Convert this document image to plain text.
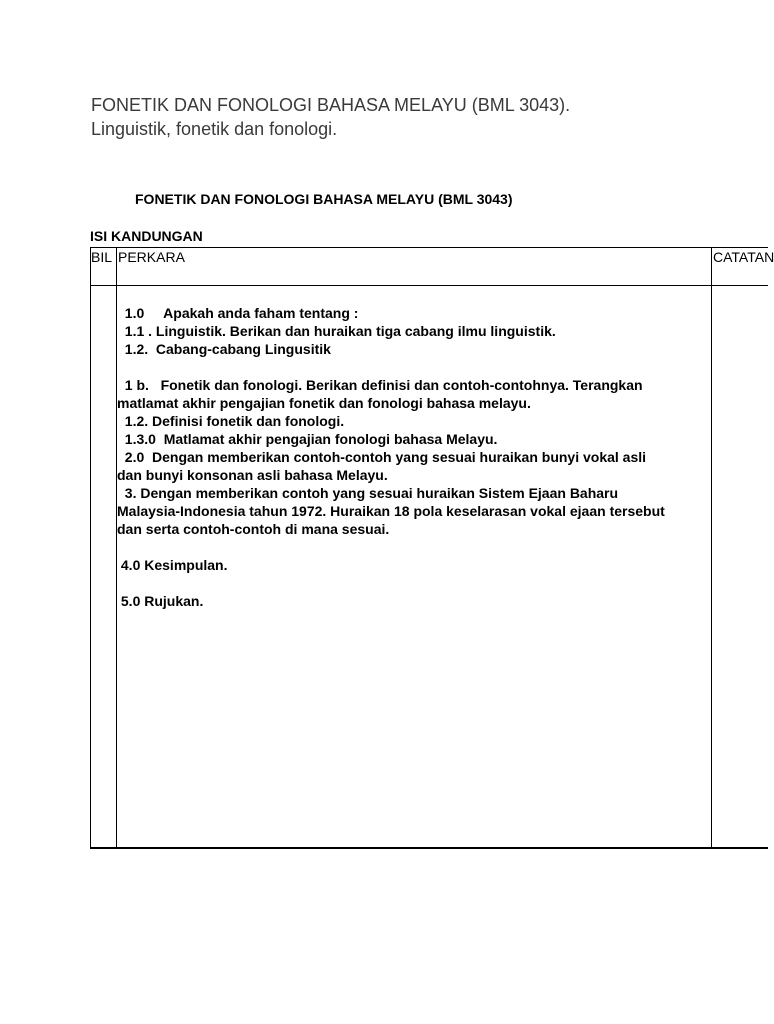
FONETIK DAN FONOLOGI BAHASA MELAYU (BML 3043).
Linguistik, fonetik dan fonologi.
FONETIK DAN FONOLOGI BAHASA MELAYU (BML 3043)
ISI KANDUNGAN
BIL PERKARA	CATATAN
1.0     Apakah anda faham tentang :
1.1 . Linguistik. Berikan dan huraikan tiga cabang ilmu linguistik.
1.2.  Cabang-cabang Lingusitik
1 b.   Fonetik dan fonologi. Berikan definisi dan contoh-contohnya. Terangkan
matlamat akhir pengajian fonetik dan fonologi bahasa melayu.
1.2. Definisi fonetik dan fonologi.
1.3.0  Matlamat akhir pengajian fonologi bahasa Melayu.
2.0  Dengan memberikan contoh-contoh yang sesuai huraikan bunyi vokal asli
dan bunyi konsonan asli bahasa Melayu.
3. Dengan memberikan contoh yang sesuai huraikan Sistem Ejaan Baharu
Malaysia-Indonesia tahun 1972. Huraikan 18 pola keselarasan vokal ejaan tersebut
dan serta contoh-contoh di mana sesuai.
4.0 Kesimpulan.
5.0 Rujukan.
